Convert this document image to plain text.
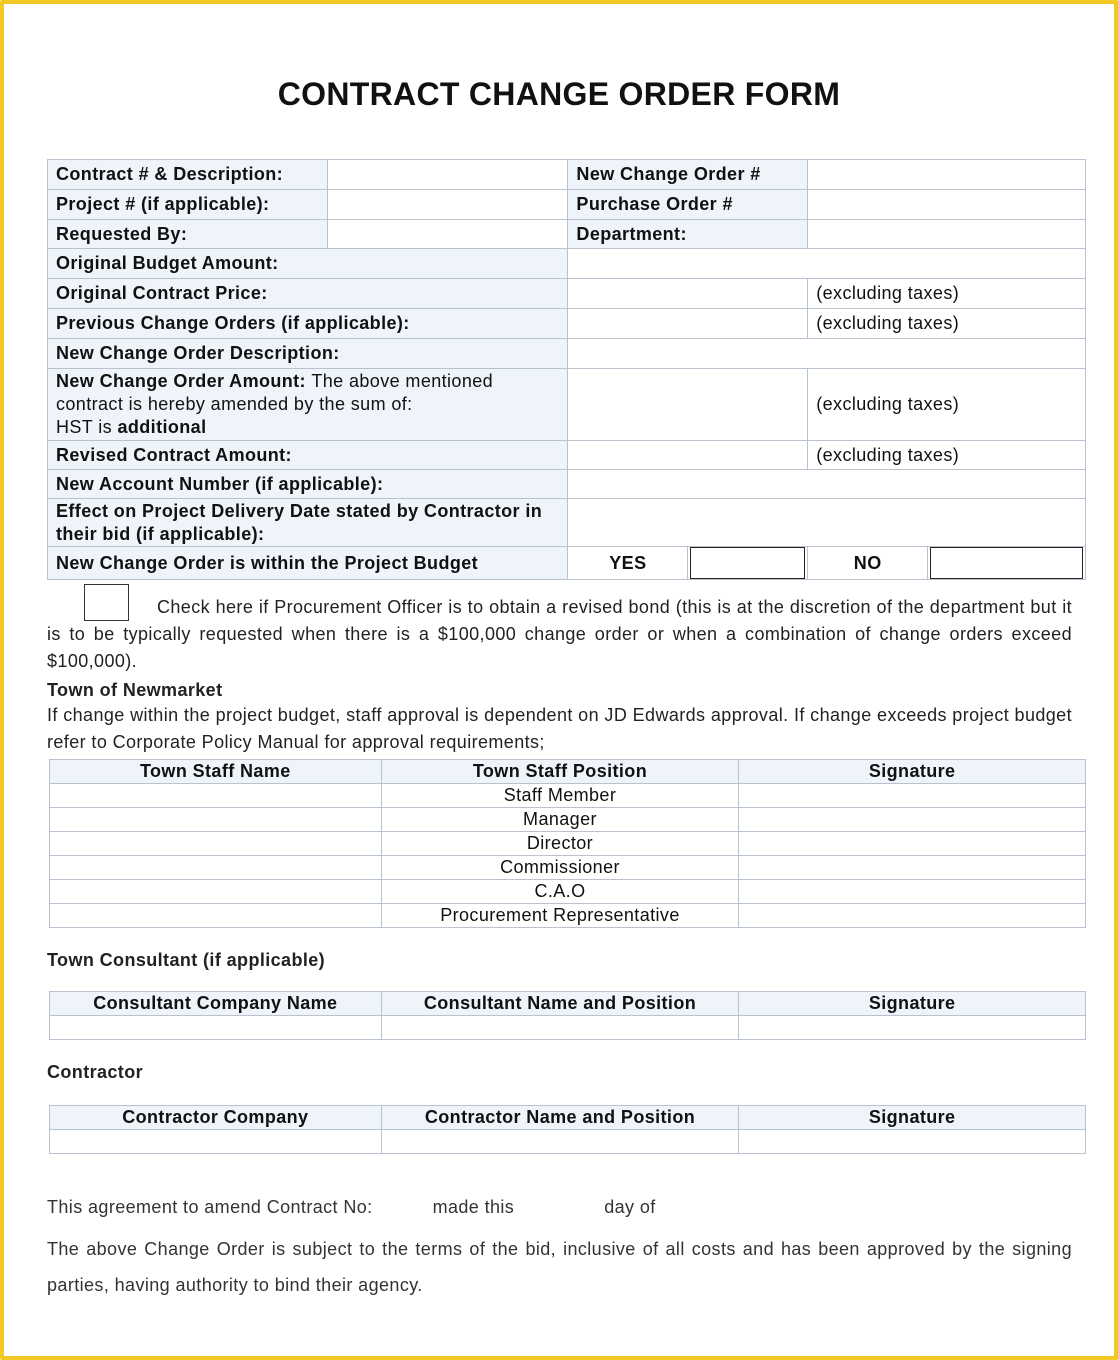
CONTRACT CHANGE ORDER FORM
Contract # & Description:		New Change Order #			
Project # (if applicable):		Purchase Order #			
Requested By:		Department:			
Original Budget Amount:					
Original Contract Price:				(excluding taxes)	
Previous Change Orders (if applicable):				(excluding taxes)	
New Change Order Description:					
New Change Order Amount: The above mentioned contract is hereby amended by the sum of:
HST is additional				(excluding taxes)	
Revised Contract Amount:				(excluding taxes)	
New Account Number (if applicable):					
Effect on Project Delivery Date stated by Contractor in their bid (if applicable):					
New Change Order is within the Project Budget		YES		NO	
Check here if Procurement Officer is to obtain a revised bond (this is at the discretion of the department but it is to be typically requested when there is a $100,000 change order or when a combination of change orders exceed $100,000).
Town of Newmarket
If change within the project budget, staff approval is dependent on JD Edwards approval. If change exceeds project budget refer to Corporate Policy Manual for approval requirements;
Town Staff Name	Town Staff Position	Signature
	Staff Member	
	Manager	
	Director	
	Commissioner	
	C.A.O	
	Procurement Representative	
Town Consultant (if applicable)
Consultant Company Name	Consultant Name and Position	Signature

Contractor
Contractor Company	Contractor Name and Position	Signature

This agreement to amend Contract No:	made this	day of
The above Change Order is subject to the terms of the bid, inclusive of all costs and has been approved by the signing parties, having authority to bind their agency.
